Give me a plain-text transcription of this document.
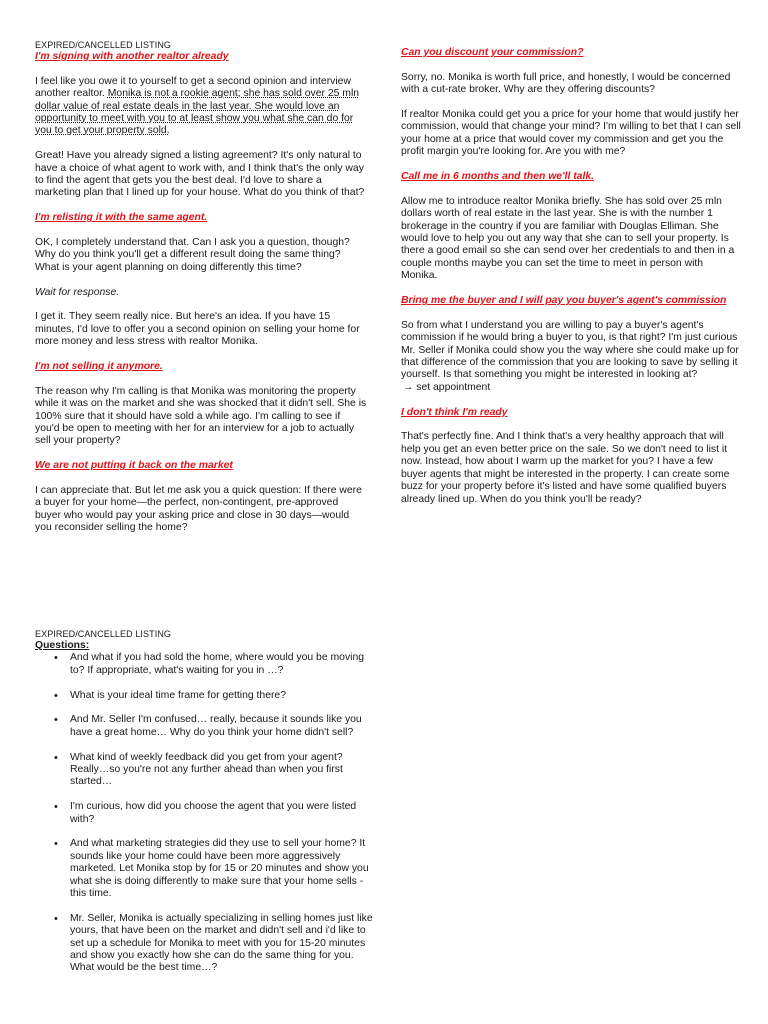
EXPIRED/CANCELLED LISTING

I'm signing with another realtor already

I feel like you owe it to yourself to get a second opinion and interview another realtor. Monika is not a rookie agent; she has sold over 25 mln dollar value of real estate deals in the last year. She would love an opportunity to meet with you to at least show you what she can do for you to get your property sold.

Great! Have you already signed a listing agreement? It's only natural to have a choice of what agent to work with, and I think that's the only way to find the agent that gets you the best deal. I'd love to share a marketing plan that I lined up for your house. What do you think of that?

I'm relisting it with the same agent.

OK, I completely understand that. Can I ask you a question, though? Why do you think you'll get a different result doing the same thing? What is your agent planning on doing differently this time?

Wait for response.

I get it. They seem really nice. But here's an idea. If you have 15 minutes, I'd love to offer you a second opinion on selling your home for more money and less stress with realtor Monika.

I'm not selling it anymore.

The reason why I'm calling is that Monika was monitoring the property while it was on the market and she was shocked that it didn't sell. She is 100% sure that it should have sold a while ago. I'm calling to see if you'd be open to meeting with her for an interview for a job to actually sell your property?

We are not putting it back on the market

I can appreciate that. But let me ask you a quick question: If there were a buyer for your home—the perfect, non-contingent, pre-approved buyer who would pay your asking price and close in 30 days—would you reconsider selling the home?

Can you discount your commission?

Sorry, no. Monika is worth full price, and honestly, I would be concerned with a cut-rate broker. Why are they offering discounts?

If realtor Monika could get you a price for your home that would justify her commission, would that change your mind? I'm willing to bet that I can sell your home at a price that would cover my commission and get you the profit margin you're looking for. Are you with me?

Call me in 6 months and then we'll talk.

Allow me to introduce realtor Monika briefly. She has sold over 25 mln dollars worth of real estate in the last year. She is with the number 1 brokerage in the country if you are familiar with Douglas Elliman. She would love to help you out any way that she can to sell your property. Is there a good email so she can send over her credentials to and then in a couple months maybe you can set the time to meet in person with Monika.

Bring me the buyer and I will pay you buyer's agent's commission

So from what I understand you are willing to pay a buyer's agent's commission if he would bring a buyer to you, is that right? I'm just curious Mr. Seller if Monika could show you the way where she could make up for that difference of the commission that you are looking to save by selling it yourself. Is that something you might be interested in looking at?

→ set appointment

I don't think I'm ready

That's perfectly fine. And I think that's a very healthy approach that will help you get an even better price on the sale. So we don't need to list it now. Instead, how about I warm up the market for you? I have a few buyer agents that might be interested in the property. I can create some buzz for your property before it's listed and have some qualified buyers already lined up. When do you think you'll be ready?

EXPIRED/CANCELLED LISTING
Questions:
• And what if you had sold the home, where would you be moving to? If appropriate, what's waiting for you in …?
• What is your ideal time frame for getting there?
• And Mr. Seller I'm confused… really, because it sounds like you have a great home… Why do you think your home didn't sell?
• What kind of weekly feedback did you get from your agent? Really…so you're not any further ahead than when you first started…
• I'm curious, how did you choose the agent that you were listed with?
• And what marketing strategies did they use to sell your home? It sounds like your home could have been more aggressively marketed. Let Monika stop by for 15 or 20 minutes and show you what she is doing differently to make sure that your home sells - this time.
• Mr. Seller, Monika is actually specializing in selling homes just like yours, that have been on the market and didn't sell and i'd like to set up a schedule for Monika to meet with you for 15-20 minutes and show you exactly how she can do the same thing for you. What would be the best time…?
